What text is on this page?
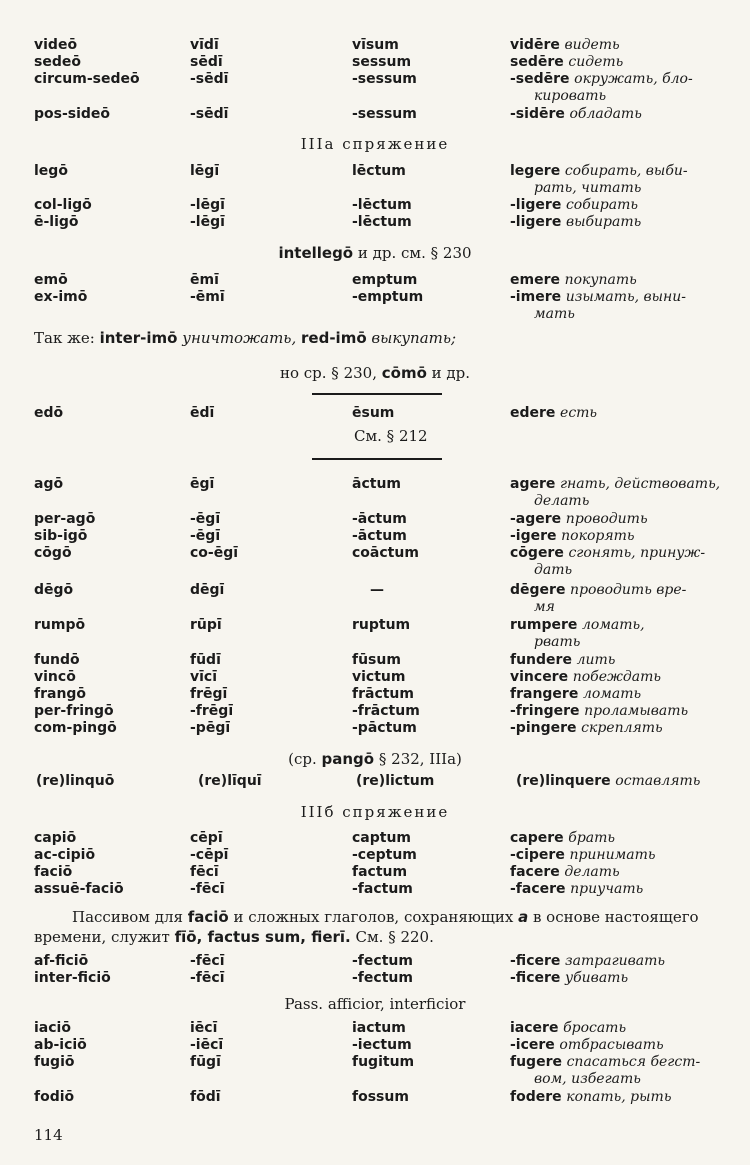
videō	vīdī	vīsum	vidēre видеть
sedeō	sēdī	sessum	sedēre сидеть
circum-sedeō	-sēdī	-sessum	-sedēre окружать, бло-
кировать
pos-sideō	-sēdī	-sessum	-sidēre обладать
IIIа спряжение
legō	lēgī	lēctum	legere собирать, выби-
рать, читать
col-ligō	-lēgī	-lēctum	-ligere собирать
ē-ligō	-lēgī	-lēctum	-ligere выбирать
intellegō и др. см. § 230
emō	ēmī	emptum	emere покупать
ex-imō	-ēmī	-emptum	-imere изымать, выни-
мать
Так же: inter-imō уничтожать, red-imō выкупать;
но ср. § 230, cōmō и др.
edō	ēdī	ēsum	edere есть
См. § 212
agō	ēgī	āctum	agere гнать, действовать,
делать
per-agō	-ēgī	-āctum	-agere проводить
sib-igō	-ēgī	-āctum	-igere покорять
cōgō	co-ēgī	coāctum	cōgere сгонять, принуж-
дать
dēgō	dēgī	—	dēgere проводить вре-
мя
rumpō	rūpī	ruptum	rumpere ломать,
рвать
fundō	fūdī	fūsum	fundere лить
vincō	vīcī	victum	vincere побеждать
frangō	frēgī	frāctum	frangere ломать
per-fringō	-frēgī	-frāctum	-fringere проламывать
com-pingō	-pēgī	-pāctum	-pingere скреплять
(ср. pangō § 232, IIIа)
(re)linquō	(re)līquī	(re)lictum	(re)linquere оставлять
IIIб спряжение
capiō	cēpī	captum	capere брать
ac-cipiō	-cēpī	-ceptum	-cipere принимать
faciō	fēcī	factum	facere делать
assuē-faciō	-fēcī	-factum	-facere приучать
Пассивом для faciō и сложных глаголов, сохраняющих a в основе настоящего времени, служит fīō, factus sum, fierī. См. § 220.
af-ficiō	-fēcī	-fectum	-ficere затрагивать
inter-ficiō	-fēcī	-fectum	-ficere убивать
Pass. afficior, interficior
iaciō	iēcī	iactum	iacere бросать
ab-iciō	-iēcī	-iectum	-icere отбрасывать
fugiō	fūgī	fugitum	fugere спасаться бегст-
вом, избегать
fodiō	fōdī	fossum	fodere копать, рыть
114
